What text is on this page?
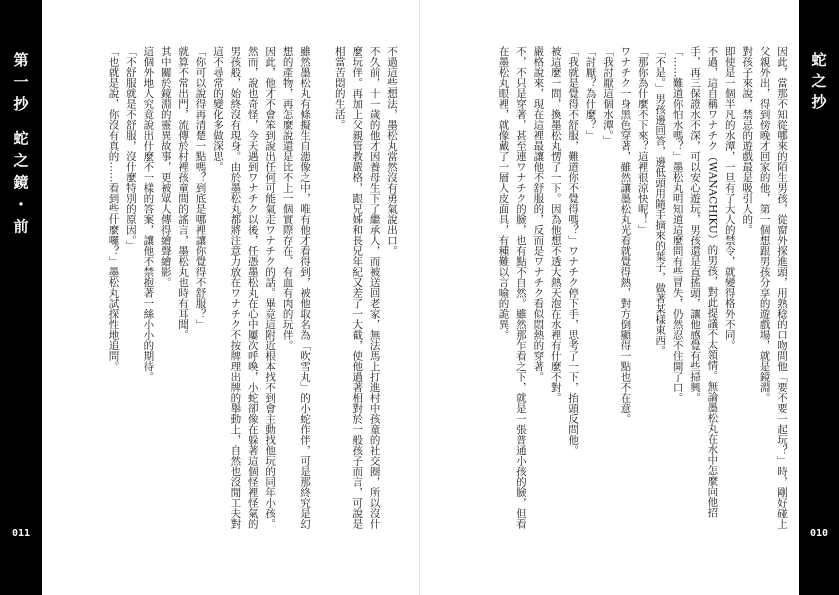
第一抄 蛇之鏡・前
011
蛇之抄
010

不過這些想法，墨松丸當然沒有勇氣說出口。

不久前，十一歲的他才因養母生下了繼承人，而被送回老家，無法馬上打進村中孩童的社交圈，所以沒什麼玩伴。再加上父親管教嚴格，跟兄姊和長兄年紀又差了一大截，使他過著相對於一般孩子而言，可說是相當苦悶的生活。

雖然墨松丸有條擬生自漶像之中，唯有他才看得到，被他取名為「吹雪丸」的小蛇作伴，可是那終究是幻想的產物，再怎麼說還是比不上一個實際存在、有血有肉的玩伴。

因此，他才不會笨到說出任何可能氣走ワナチク的話。畢竟這附近根本找不到會主動找他玩的同年小孩。

然而，說也奇怪，今天遇到ワナチク以後，任憑墨松丸在心中屢次呼喚，小蛇卻像在躲著這個怪裡怪氣的男孩般，始終沒有現身。由於墨松丸都將注意力放在ワナチク不按牌理出牌的舉動上，自然也沒閒工夫對這不尋常的變化多做深思。

「你可以說得再清楚一點嗎？到底是哪裡讓你覺得不舒服？」

就算不常出門，流傳於村裡孩童間的謠言，墨松丸也時有耳聞。

其中關於鏡淵的靈異故事，更被眾人傳得繪聲繪影。

這個外地人究竟說出什麼不一樣的答案，讓他不禁抱著一絲小小的期待。

「不舒服就是不舒服，沒什麼特別的原因。」

「也就是說，你沒有真的……看到些什麼囉？」墨松丸試探性地追問。	因此，當那不知從哪來的陌生男孩，從窗外探進頭，用熟稔的口吻問他「要不要一起玩？」時，剛好碰上父親外出，得到傍晚才回家的他，第一個想跟男孩分享的遊戲場，就是鏡淵。

對孩子來說，禁忌的遊戲最是吸引人的。

即使是一個半凡的水潭，一旦有了大人的禁令，就變得格外不同。

不過，這自稱ワナチク（WANACHIKU）的男孩，對此提議不太領情。無論墨松丸在水中怎麼向他招手，再三保證水不深，可以安心遊玩，男孩還是直搖頭，讓他感覺有些掃興。

「……難道你怕水嗎？」墨松丸明知道這麼問有些冒失，仍然忍不住開了口。

「不是。」男孩邊回答，邊低頭用隨手摘來的葉子，做著某樣東西。

「那你為什麼不下來？這裡很涼快呢！」

ワナチク一身黑色穿著，雖然讓墨松丸光看就覺得熱，對方倒顯得一點也不在意。

「我討厭這個水潭。」

「討厭？為什麼？」

「我就是覺得不舒服，難道你不覺得嗎？」ワナチク停下手，思考了一下，抬頭反問他。

被這麼一問，換墨松丸愣了一下。因為他想不透大熱天泡在水裡有什麼不對。

嚴格說來，現在這裡最讓他不舒服的，反而是ワナチク看似悶熱的穿著。

不，不只是穿著，甚至連ワナチク的臉，也有點不自然。雖然那乍看之下，就是一張普通小孩的臉，但看在墨松丸眼裡，就像戴了一層人皮面具，有種難以言喻的詭異。
